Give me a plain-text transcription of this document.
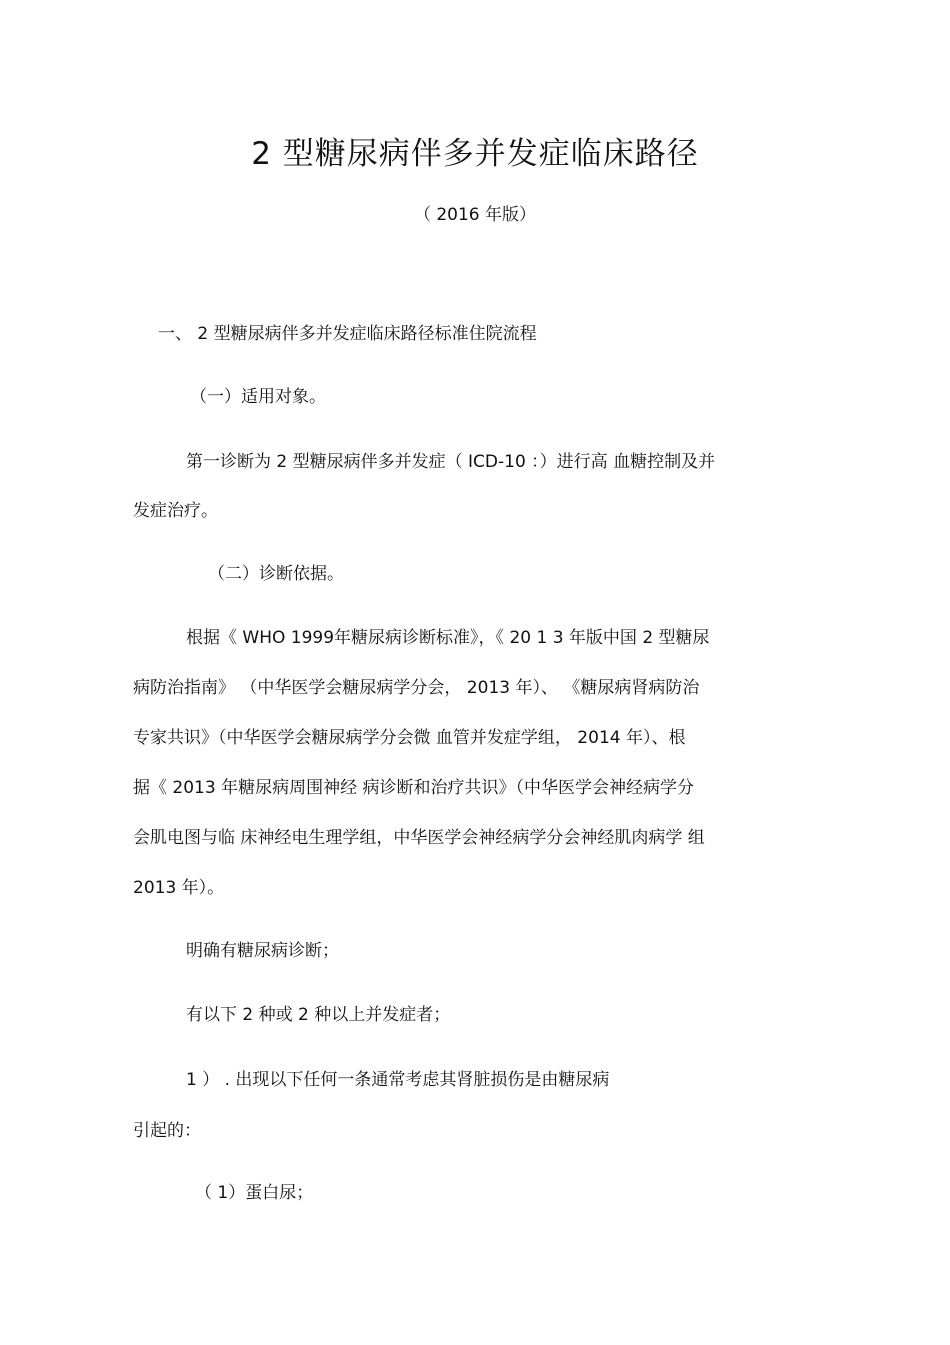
2 型糖尿病伴多并发症临床路径
（ 2016 年版）
一、 2 型糖尿病伴多并发症临床路径标准住院流程
（一）适用对象。
第一诊断为 2 型糖尿病伴多并发症（ ICD-10 ：）进行高 血糖控制及并
发症治疗。
（二）诊断依据。
根据《 WHO 1999年糖尿病诊断标准》，《 20 1 3 年版中国 2 型糖尿
病防治指南》 （中华医学会糖尿病学分会， 2013 年）、 《糖尿病肾病防治
专家共识》（中华医学会糖尿病学分会微 血管并发症学组， 2014 年）、根
据《 2013 年糖尿病周围神经 病诊断和治疗共识》（中华医学会神经病学分
会肌电图与临 床神经电生理学组，中华医学会神经病学分会神经肌肉病学 组
2013 年）。
明确有糖尿病诊断；
有以下 2 种或 2 种以上并发症者；
1 ） . 出现以下任何一条通常考虑其肾脏损伤是由糖尿病
引起的：
（ 1）蛋白尿；
